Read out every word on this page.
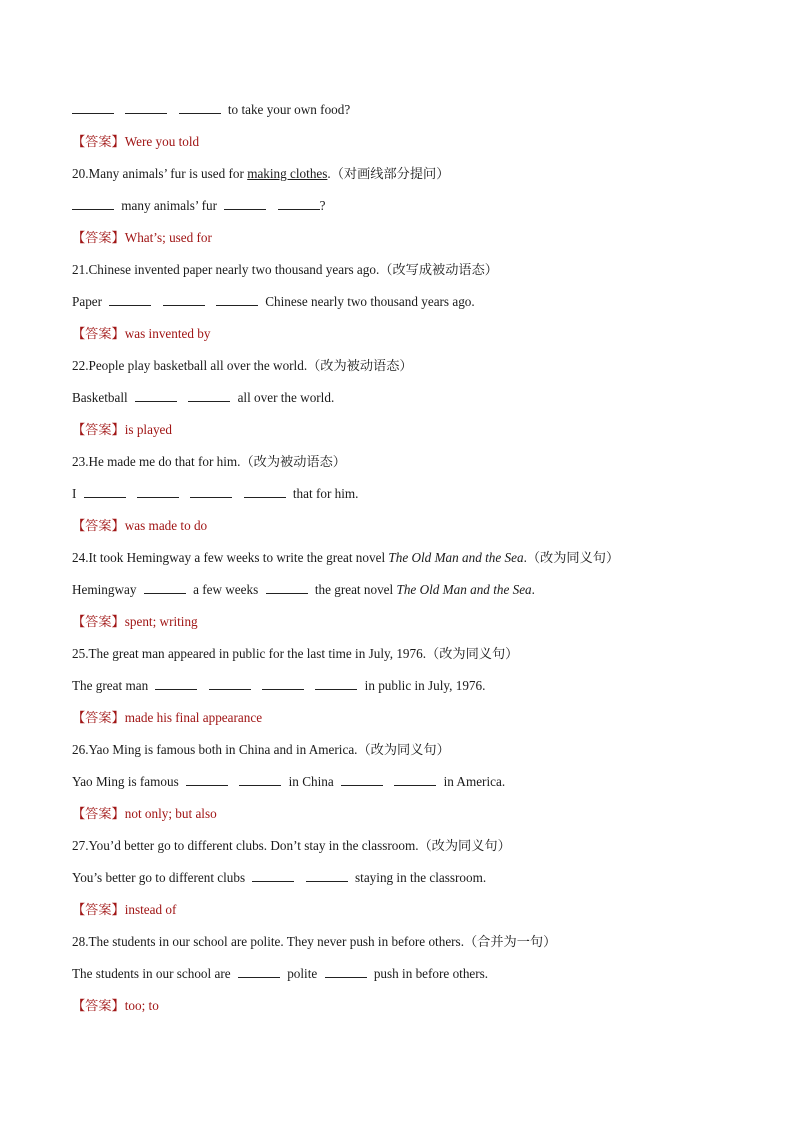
to take your own food?
【答案】Were you told
20.Many animals’ fur is used for making clothes.（对画线部分提问）
many animals’ fur	?
【答案】What’s; used for
21.Chinese invented paper nearly two thousand years ago.（改写成被动语态）
Paper	Chinese nearly two thousand years ago.
【答案】was invented by
22.People play basketball all over the world.（改为被动语态）
Basketball	all over the world.
【答案】is played
23.He made me do that for him.（改为被动语态）
I	that for him.
【答案】was made to do
24.It took Hemingway a few weeks to write the great novel The Old Man and the Sea.（改为同义句）
Hemingway	a few weeks	the great novel The Old Man and the Sea.
【答案】spent; writing
25.The great man appeared in public for the last time in July, 1976.（改为同义句）
The great man	in public in July, 1976.
【答案】made his final appearance
26.Yao Ming is famous both in China and in America.（改为同义句）
Yao Ming is famous	in China	in America.
【答案】not only; but also
27.You’d better go to different clubs. Don’t stay in the classroom.（改为同义句）
You’s better go to different clubs	staying in the classroom.
【答案】instead of
28.The students in our school are polite. They never push in before others.（合并为一句）
The students in our school are	polite	push in before others.
【答案】too; to
